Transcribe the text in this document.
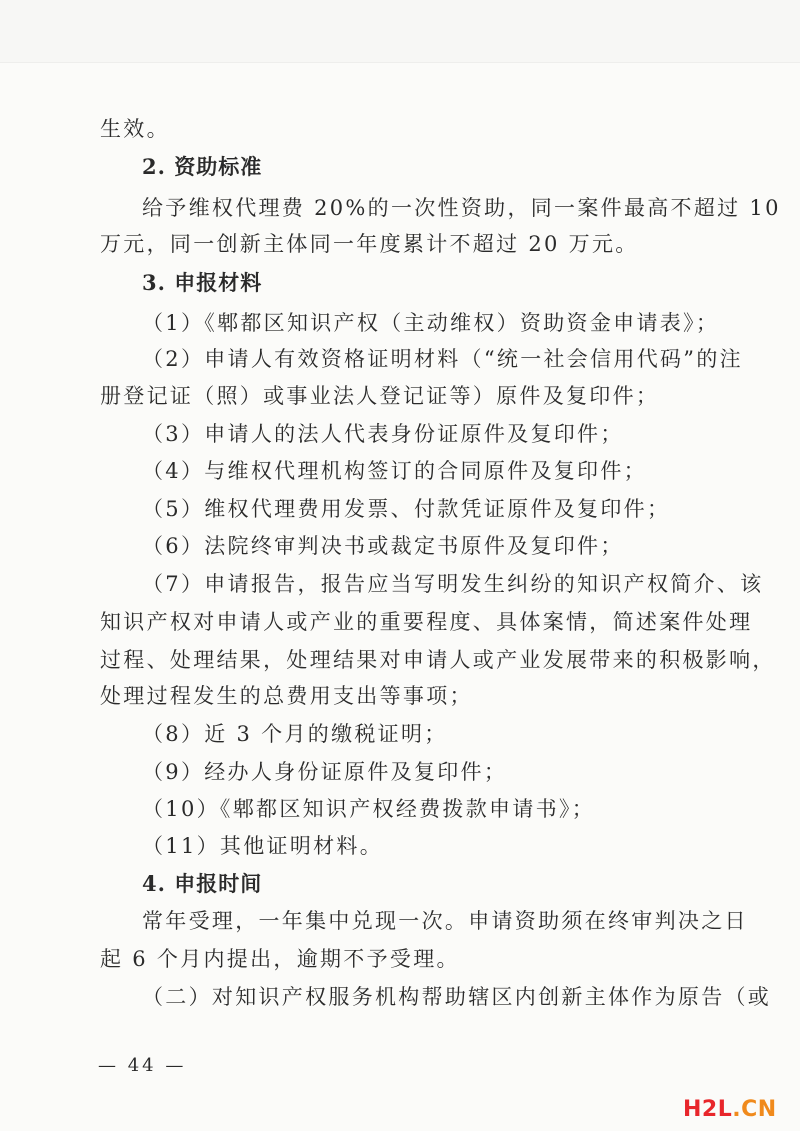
生效。
2. 资助标准
给予维权代理费 20%的一次性资助，同一案件最高不超过 10
万元，同一创新主体同一年度累计不超过 20 万元。
3. 申报材料
（1）《郫都区知识产权（主动维权）资助资金申请表》；
（2）申请人有效资格证明材料（“统一社会信用代码”的注
册登记证（照）或事业法人登记证等）原件及复印件；
（3）申请人的法人代表身份证原件及复印件；
（4）与维权代理机构签订的合同原件及复印件；
（5）维权代理费用发票、付款凭证原件及复印件；
（6）法院终审判决书或裁定书原件及复印件；
（7）申请报告，报告应当写明发生纠纷的知识产权简介、该
知识产权对申请人或产业的重要程度、具体案情，简述案件处理
过程、处理结果，处理结果对申请人或产业发展带来的积极影响，
处理过程发生的总费用支出等事项；
（8）近 3 个月的缴税证明；
（9）经办人身份证原件及复印件；
（10）《郫都区知识产权经费拨款申请书》；
（11）其他证明材料。
4. 申报时间
常年受理，一年集中兑现一次。申请资助须在终审判决之日
起 6 个月内提出，逾期不予受理。
（二）对知识产权服务机构帮助辖区内创新主体作为原告（或
— 44 —
H2L.CN
